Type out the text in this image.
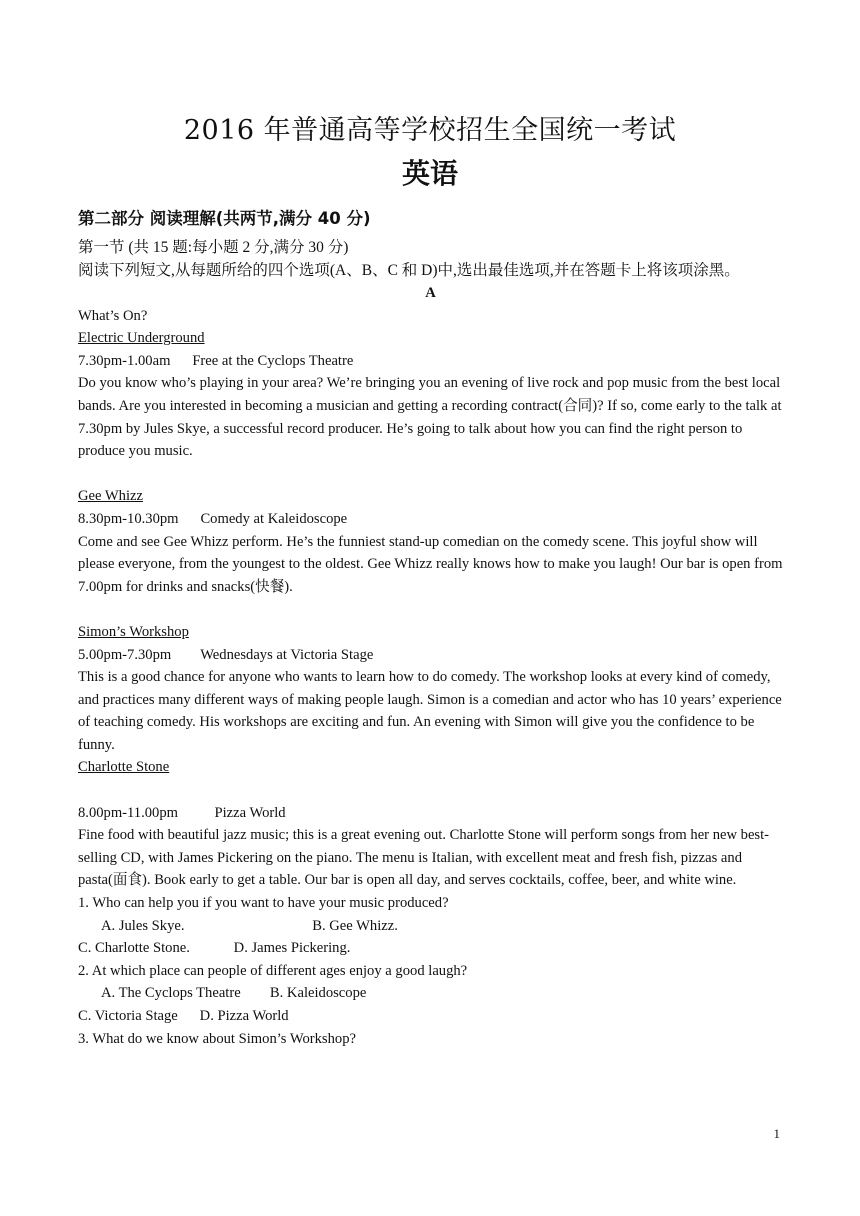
2016 年普通高等学校招生全国统一考试
英语
第二部分 阅读理解(共两节,满分 40 分)

第一节 (共 15 题:每小题 2 分,满分 30 分)

阅读下列短文,从每题所给的四个选项(A、B、C 和 D)中,选出最佳选项,并在答题卡上将该项涂黑。

A

What’s On?

Electric Underground

7.30pm-1.00am Free at the Cyclops Theatre

Do you know who’s playing in your area? We’re bringing you an evening of live rock and pop music from the best local bands. Are you interested in becoming a musician and getting a recording contract(合同)? If so, come early to the talk at 7.30pm by Jules Skye, a successful record producer. He’s going to talk about how you can find the right person to produce you music.

Gee Whizz

8.30pm-10.30pm Comedy at Kaleidoscope

Come and see Gee Whizz perform. He’s the funniest stand-up comedian on the comedy scene. This joyful show will please everyone, from the youngest to the oldest. Gee Whizz really knows how to make you laugh! Our bar is open from 7.00pm for drinks and snacks(快餐).

Simon’s Workshop

5.00pm-7.30pm Wednesdays at Victoria Stage

This is a good chance for anyone who wants to learn how to do comedy. The workshop looks at every kind of comedy, and practices many different ways of making people laugh. Simon is a comedian and actor who has 10 years’ experience of teaching comedy. His workshops are exciting and fun. An evening with Simon will give you the confidence to be funny.

Charlotte Stone

8.00pm-11.00pm Pizza World

Fine food with beautiful jazz music; this is a great evening out. Charlotte Stone will perform songs from her new best-selling CD, with James Pickering on the piano. The menu is Italian, with excellent meat and fresh fish, pizzas and pasta(面食). Book early to get a table. Our bar is open all day, and serves cocktails, coffee, beer, and white wine.

1. Who can help you if you want to have your music produced?

A. Jules Skye.	B. Gee Whizz.

C. Charlotte Stone.	D. James Pickering.

2. At which place can people of different ages enjoy a good laugh?

A. The Cyclops Theatre B. Kaleidoscope

C. Victoria Stage D. Pizza World

3. What do we know about Simon’s Workshop?

1
